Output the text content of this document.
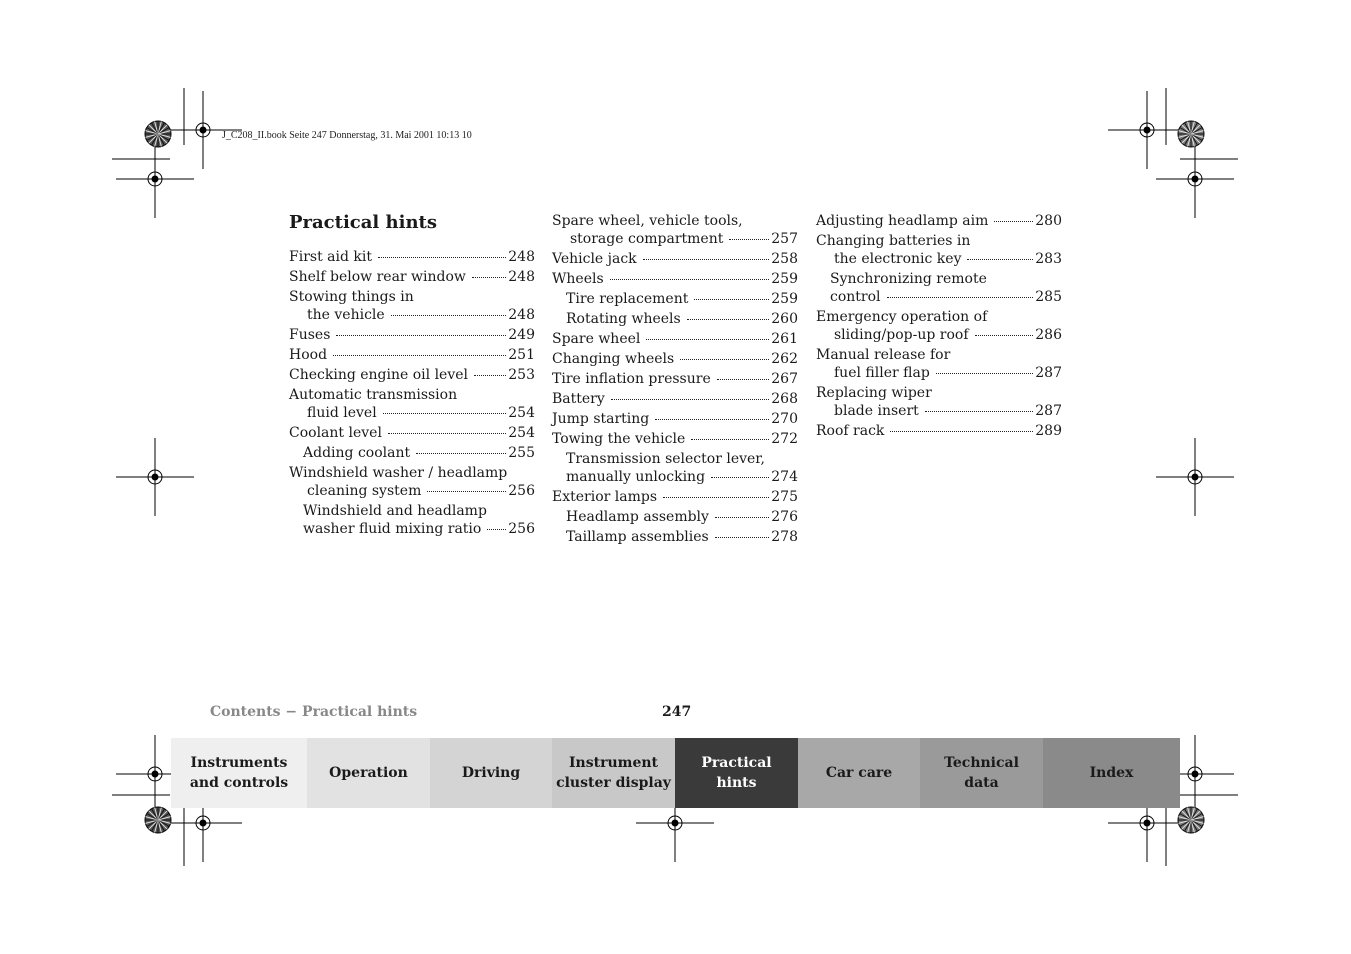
J_C208_II.book Seite 247 Donnerstag, 31. Mai 2001 10:13 10
Practical hints
First aid kit	248
Shelf below rear window	248
Stowing things in
the vehicle	248
Fuses	249
Hood	251
Checking engine oil level	253
Automatic transmission
fluid level	254
Coolant level	254
Adding coolant	255
Windshield washer / headlamp
cleaning system	256
Windshield and headlamp
washer fluid mixing ratio 256
Spare wheel, vehicle tools,
storage compartment	257
Vehicle jack	258
Wheels	259
Tire replacement	259
Rotating wheels	260
Spare wheel	261
Changing wheels	262
Tire inflation pressure	267
Battery	268
Jump starting	270
Towing the vehicle	272
Transmission selector lever,
manually unlocking	274
Exterior lamps	275
Headlamp assembly	276
Taillamp assemblies	278
Adjusting headlamp aim	280
Changing batteries in
the electronic key	283
Synchronizing remote
control	285
Emergency operation of
sliding/pop-up roof	286
Manual release for
fuel filler flap	287
Replacing wiper
blade insert	287
Roof rack	289
Contents − Practical hints	247
Instruments
and controls
Operation	Driving
Instrument
cluster display
Practical hints
Car care
Technical
data
Index
